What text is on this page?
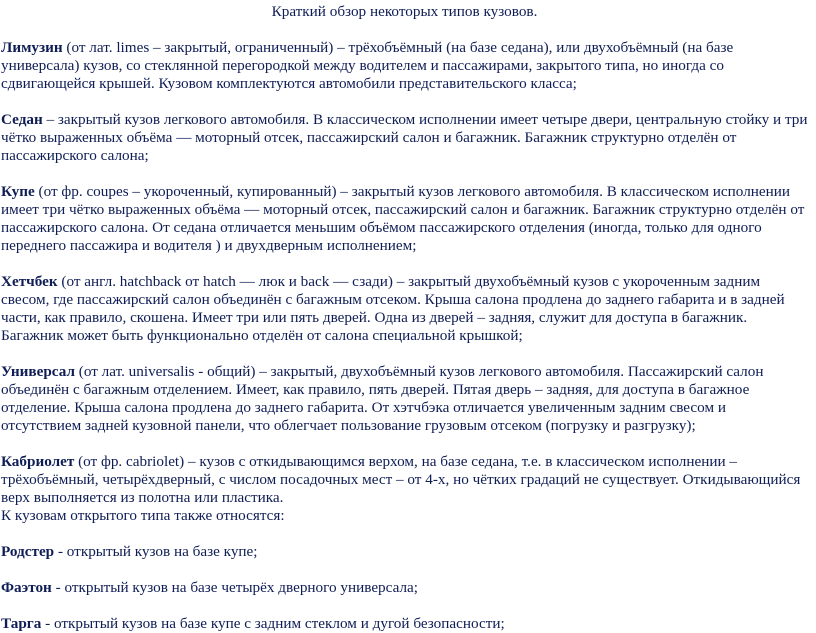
Краткий обзор некоторых типов кузовов.

Лимузин (от лат. limes – закрытый, ограниченный) – трёхобъёмный (на базе седана), или двухобъёмный (на базе универсала) кузов, со стеклянной перегородкой между водителем и пассажирами, закрытого типа, но иногда со сдвигающейся крышей. Кузовом комплектуются автомобили представительского класса;

Седан – закрытый кузов легкового автомобиля. В классическом исполнении имеет четыре двери, центральную стойку и три чётко выраженных объёма — моторный отсек, пассажирский салон и багажник. Багажник структурно отделён от пассажирского салона;

Купе (от фр. coupes – укороченный, купированный) – закрытый кузов легкового автомобиля. В классическом исполнении имеет три чётко выраженных объёма — моторный отсек, пассажирский салон и багажник. Багажник структурно отделён от пассажирского салона. От седана отличается меньшим объёмом пассажирского отделения (иногда, только для одного переднего пассажира и водителя ) и двухдверным исполнением;

Хетчбек (от англ. hatchback от hatch — люк и back — сзади) – закрытый двухобъёмный кузов с укороченным задним свесом, где пассажирский салон объединён с багажным отсеком. Крыша салона продлена до заднего габарита и в задней части, как правило, скошена. Имеет три или пять дверей. Одна из дверей – задняя, служит для доступа в багажник. Багажник может быть функционально отделён от салона специальной крышкой;

Универсал (от лат. universalis - общий) – закрытый, двухобъёмный кузов легкового автомобиля. Пассажирский салон объединён с багажным отделением. Имеет, как правило, пять дверей. Пятая дверь – задняя, для доступа в багажное отделение. Крыша салона продлена до заднего габарита. От хэтчбэка отличается увеличенным задним свесом и отсутствием задней кузовной панели, что облегчает пользование грузовым отсеком (погрузку и разгрузку);

Кабриолет (от фр. cabriolet) – кузов с откидывающимся верхом, на базе седана, т.е. в классическом исполнении – трёхобъёмный, четырёхдверный, с числом посадочных мест – от 4-х, но чётких градаций не существует. Откидывающийся верх выполняется из полотна или пластика.

К кузовам открытого типа также относятся:

Родстер - открытый кузов на базе купе;

Фаэтон - открытый кузов на базе четырёх дверного универсала;

Тарга - открытый кузов на базе купе с задним стеклом и дугой безопасности;
